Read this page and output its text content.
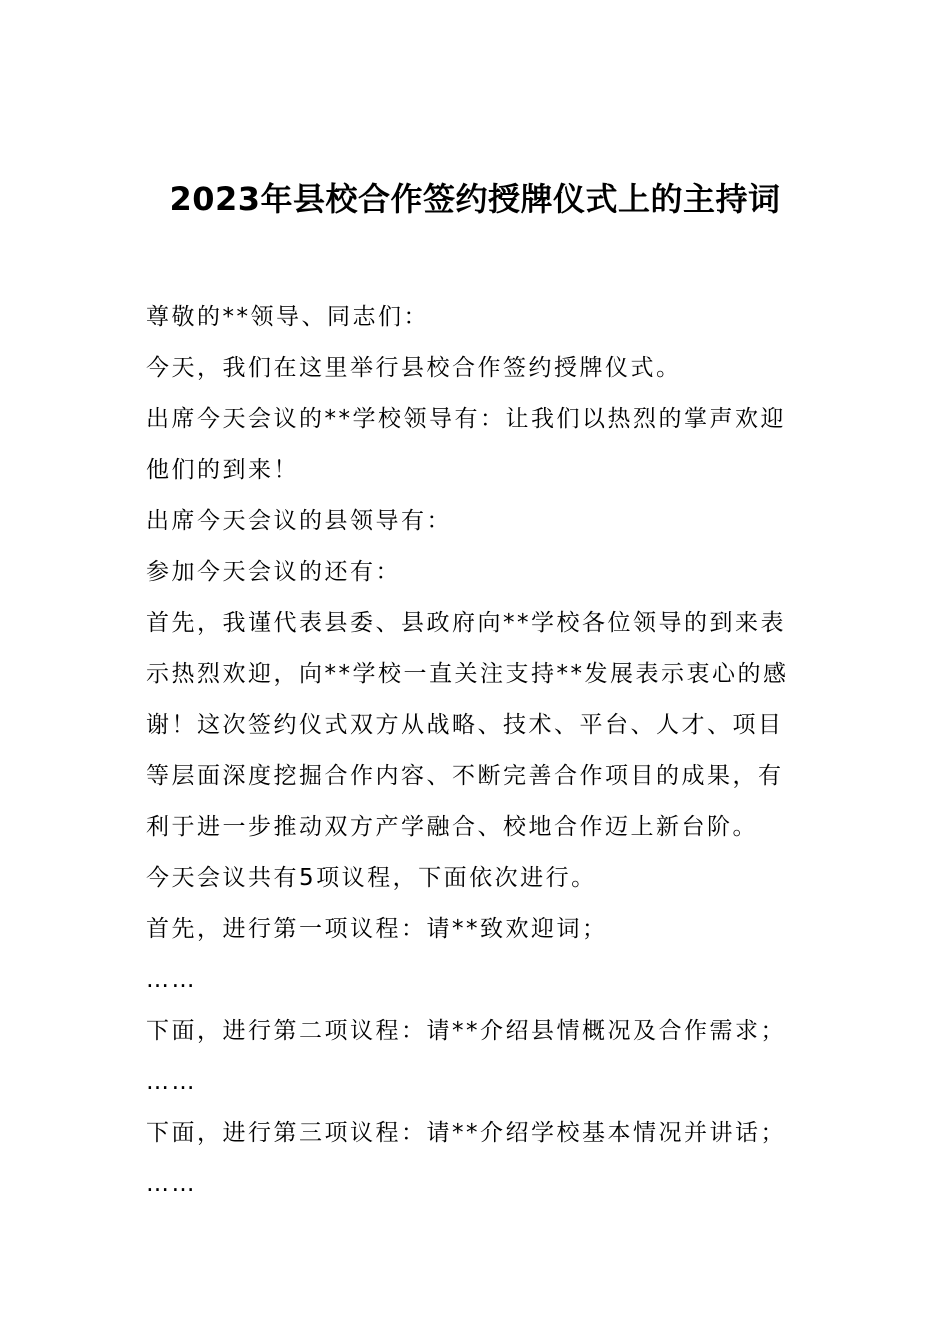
2023年县校合作签约授牌仪式上的主持词

尊敬的**领导、同志们：

今天，我们在这里举行县校合作签约授牌仪式。

出席今天会议的**学校领导有：让我们以热烈的掌声欢迎

他们的到来！

出席今天会议的县领导有：

参加今天会议的还有：

首先，我谨代表县委、县政府向**学校各位领导的到来表

示热烈欢迎，向**学校一直关注支持**发展表示衷心的感

谢！这次签约仪式双方从战略、技术、平台、人才、项目

等层面深度挖掘合作内容、不断完善合作项目的成果，有

利于进一步推动双方产学融合、校地合作迈上新台阶。

今天会议共有5项议程，下面依次进行。

首先，进行第一项议程：请**致欢迎词；

……

下面，进行第二项议程：请**介绍县情概况及合作需求；

……

下面，进行第三项议程：请**介绍学校基本情况并讲话；

……
